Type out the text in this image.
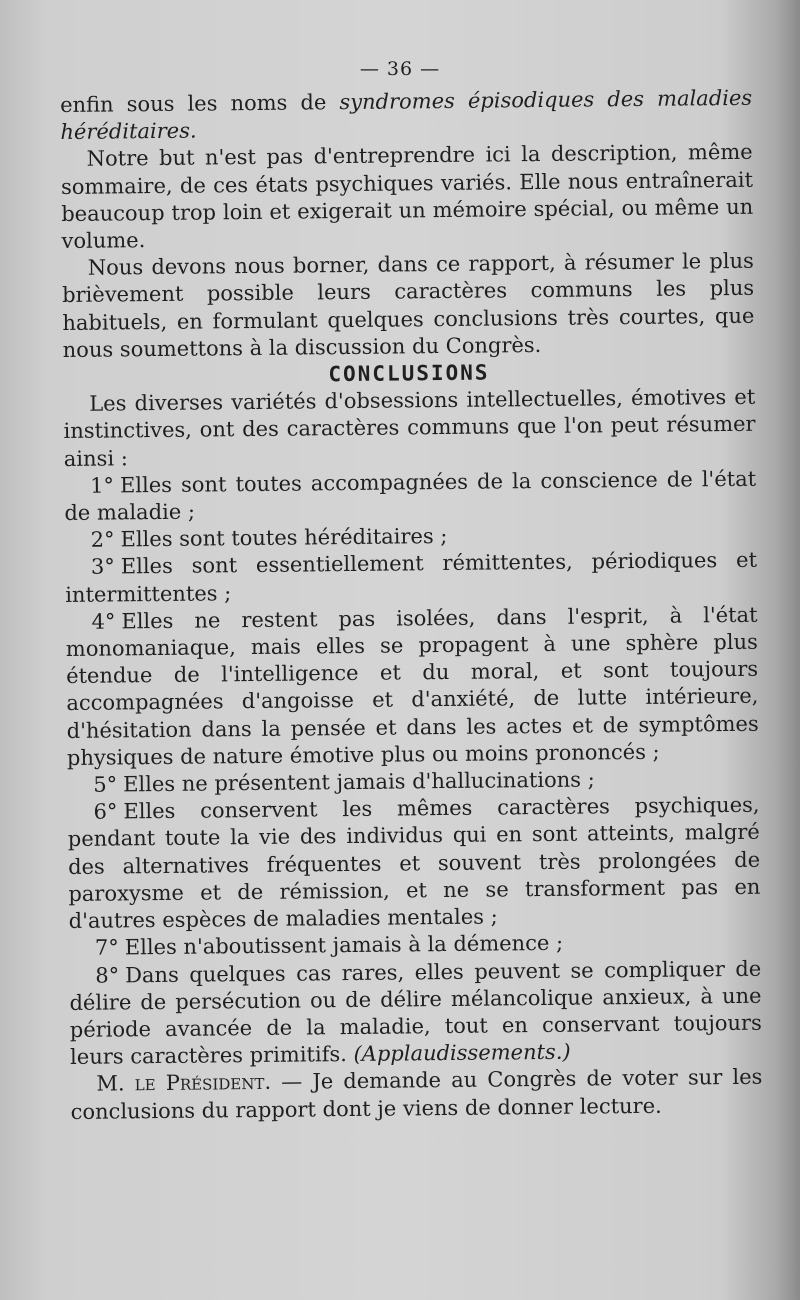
— 36 —

enfin sous les noms de syndromes épisodiques des maladies héréditaires.

Notre but n'est pas d'entreprendre ici la description, même sommaire, de ces états psychiques variés. Elle nous entraînerait beaucoup trop loin et exigerait un mémoire spécial, ou même un volume.

Nous devons nous borner, dans ce rapport, à résumer le plus brièvement possible leurs caractères communs les plus habituels, en formulant quelques conclusions très courtes, que nous soumettons à la discussion du Congrès.

CONCLUSIONS

Les diverses variétés d'obsessions intellectuelles, émotives et instinctives, ont des caractères communs que l'on peut résumer ainsi :

1° Elles sont toutes accompagnées de la conscience de l'état de maladie ;

2° Elles sont toutes héréditaires ;

3° Elles sont essentiellement rémittentes, périodiques et intermittentes ;

4° Elles ne restent pas isolées, dans l'esprit, à l'état monomaniaque, mais elles se propagent à une sphère plus étendue de l'intelligence et du moral, et sont toujours accompagnées d'angoisse et d'anxiété, de lutte intérieure, d'hésitation dans la pensée et dans les actes et de symptômes physiques de nature émotive plus ou moins prononcés ;

5° Elles ne présentent jamais d'hallucinations ;

6° Elles conservent les mêmes caractères psychiques, pendant toute la vie des individus qui en sont atteints, malgré des alternatives fréquentes et souvent très prolongées de paroxysme et de rémission, et ne se transforment pas en d'autres espèces de maladies mentales ;

7° Elles n'aboutissent jamais à la démence ;

8° Dans quelques cas rares, elles peuvent se compliquer de délire de persécution ou de délire mélancolique anxieux, à une période avancée de la maladie, tout en conservant toujours leurs caractères primitifs. (Applaudissements.)

M. le Président. — Je demande au Congrès de voter sur les conclusions du rapport dont je viens de donner lecture.
